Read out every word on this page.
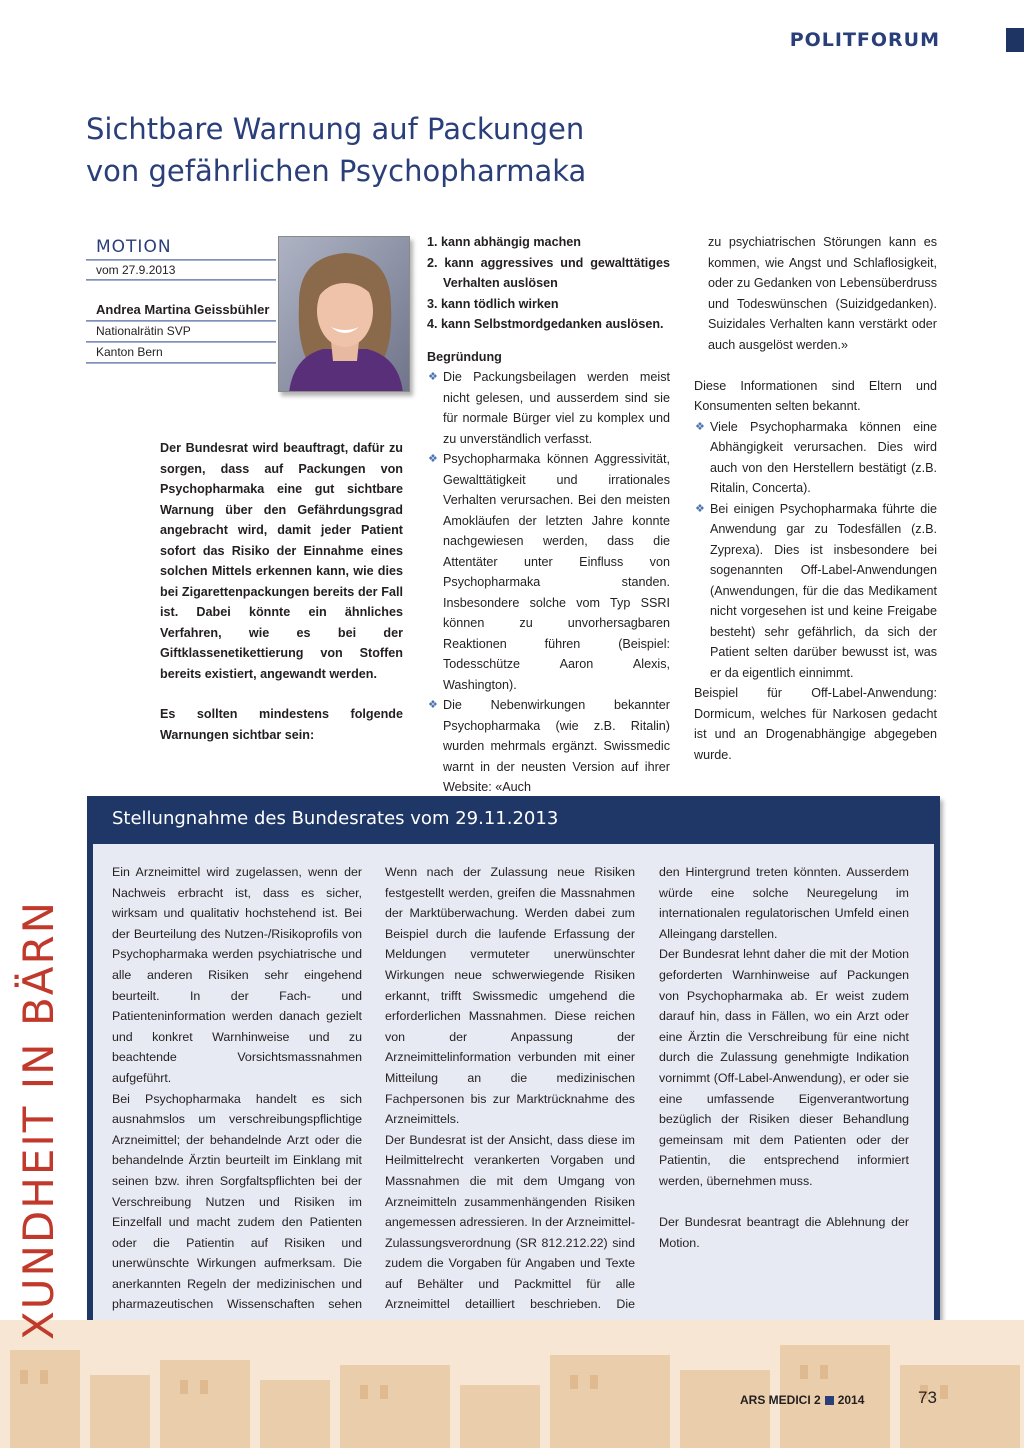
POLITFORUM
Sichtbare Warnung auf Packungen
von gefährlichen Psychopharmaka
MOTION
vom 27.9.2013
Andrea Martina Geissbühler
Nationalrätin SVP
Kanton Bern

Der Bundesrat wird beauftragt, dafür zu sorgen, dass auf Packungen von Psychopharmaka eine gut sichtbare Warnung über den Gefährdungsgrad angebracht wird, damit jeder Patient sofort das Risiko der Einnahme eines solchen Mittels erkennen kann, wie dies bei Zigarettenpackungen bereits der Fall ist. Dabei könnte ein ähnliches Verfahren, wie es bei der Giftklassenetikettierung von Stoffen bereits existiert, angewandt werden.

Es sollten mindestens folgende Warnungen sichtbar sein:

1. kann abhängig machen

2. kann aggressives und gewalttätiges Verhalten auslösen

3. kann tödlich wirken

4. kann Selbstmordgedanken auslösen.

Begründung

❖ Die Packungsbeilagen werden meist nicht gelesen, und ausserdem sind sie für normale Bürger viel zu komplex und zu unverständlich verfasst.

❖ Psychopharmaka können Aggressivität, Gewalttätigkeit und irrationales Verhalten verursachen. Bei den meisten Amokläufen der letzten Jahre konnte nachgewiesen werden, dass die Attentäter unter Einfluss von Psychopharmaka standen. Insbesondere solche vom Typ SSRI können zu unvorhersagbaren Reaktionen führen (Beispiel: Todesschütze Aaron Alexis, Washington).

❖ Die Nebenwirkungen bekannter Psychopharmaka (wie z.B. Ritalin) wurden mehrmals ergänzt. Swissmedic warnt in der neusten Version auf ihrer Website: «Auch

zu psychiatrischen Störungen kann es kommen, wie Angst und Schlaflosigkeit, oder zu Gedanken von Lebensüberdruss und Todeswünschen (Suizidgedanken). Suizidales Verhalten kann verstärkt oder auch ausgelöst werden.»

Diese Informationen sind Eltern und Konsumenten selten bekannt.

❖ Viele Psychopharmaka können eine Abhängigkeit verursachen. Dies wird auch von den Herstellern bestätigt (z.B. Ritalin, Concerta).

❖ Bei einigen Psychopharmaka führte die Anwendung gar zu Todesfällen (z.B. Zyprexa). Dies ist insbesondere bei sogenannten Off-Label-Anwendungen (Anwendungen, für die das Medikament nicht vorgesehen ist und keine Freigabe besteht) sehr gefährlich, da sich der Patient selten darüber bewusst ist, was er da eigentlich einnimmt.

Beispiel für Off-Label-Anwendung: Dormicum, welches für Narkosen gedacht ist und an Drogenabhängige abgegeben wurde.

Stellungnahme des Bundesrates vom 29.11.2013

Ein Arzneimittel wird zugelassen, wenn der Nachweis erbracht ist, dass es sicher, wirksam und qualitativ hochstehend ist. Bei der Beurteilung des Nutzen-/Risikoprofils von Psychopharmaka werden psychiatrische und alle anderen Risiken sehr eingehend beurteilt. In der Fach- und Patienteninformation werden danach gezielt und konkret Warnhinweise und zu beachtende Vorsichtsmassnahmen aufgeführt.

Bei Psychopharmaka handelt es sich ausnahmslos um verschreibungspflichtige Arzneimittel; der behandelnde Arzt oder die behandelnde Ärztin beurteilt im Einklang mit seinen bzw. ihren Sorgfaltspflichten bei der Verschreibung Nutzen und Risiken im Einzelfall und macht zudem den Patienten oder die Patientin auf Risiken und unerwünschte Wirkungen aufmerksam. Die anerkannten Regeln der medizinischen und pharmazeutischen Wissenschaften sehen

Wenn nach der Zulassung neue Risiken festgestellt werden, greifen die Massnahmen der Marktüberwachung. Werden dabei zum Beispiel durch die laufende Erfassung der Meldungen vermuteter unerwünschter Wirkungen neue schwerwiegende Risiken erkannt, trifft Swissmedic umgehend die erforderlichen Massnahmen. Diese reichen von der Anpassung der Arzneimittelinformation verbunden mit einer Mitteilung an die medizinischen Fachpersonen bis zur Marktrücknahme des Arzneimittels.

Der Bundesrat ist der Ansicht, dass diese im Heilmittelrecht verankerten Vorgaben und Massnahmen die mit dem Umgang von Arzneimitteln zusammenhängenden Risiken angemessen adressieren. In der Arzneimittel-Zulassungsverordnung (SR 812.212.22) sind zudem die Vorgaben für Angaben und Texte auf Behälter und Packmittel für alle Arzneimittel detailliert beschrieben. Die

den Hintergrund treten könnten. Ausserdem würde eine solche Neuregelung im internationalen regulatorischen Umfeld einen Alleingang darstellen.

Der Bundesrat lehnt daher die mit der Motion geforderten Warnhinweise auf Packungen von Psychopharmaka ab. Er weist zudem darauf hin, dass in Fällen, wo ein Arzt oder eine Ärztin die Verschreibung für eine nicht durch die Zulassung genehmigte Indikation vornimmt (Off-Label-Anwendung), er oder sie eine umfassende Eigenverantwortung bezüglich der Risiken dieser Behandlung gemeinsam mit dem Patienten oder der Patientin, die entsprechend informiert werden, übernehmen muss.

Der Bundesrat beantragt die Ablehnung der Motion.

XUNDHEIT IN BÄRN
ARS MEDICI 2 2014	73
